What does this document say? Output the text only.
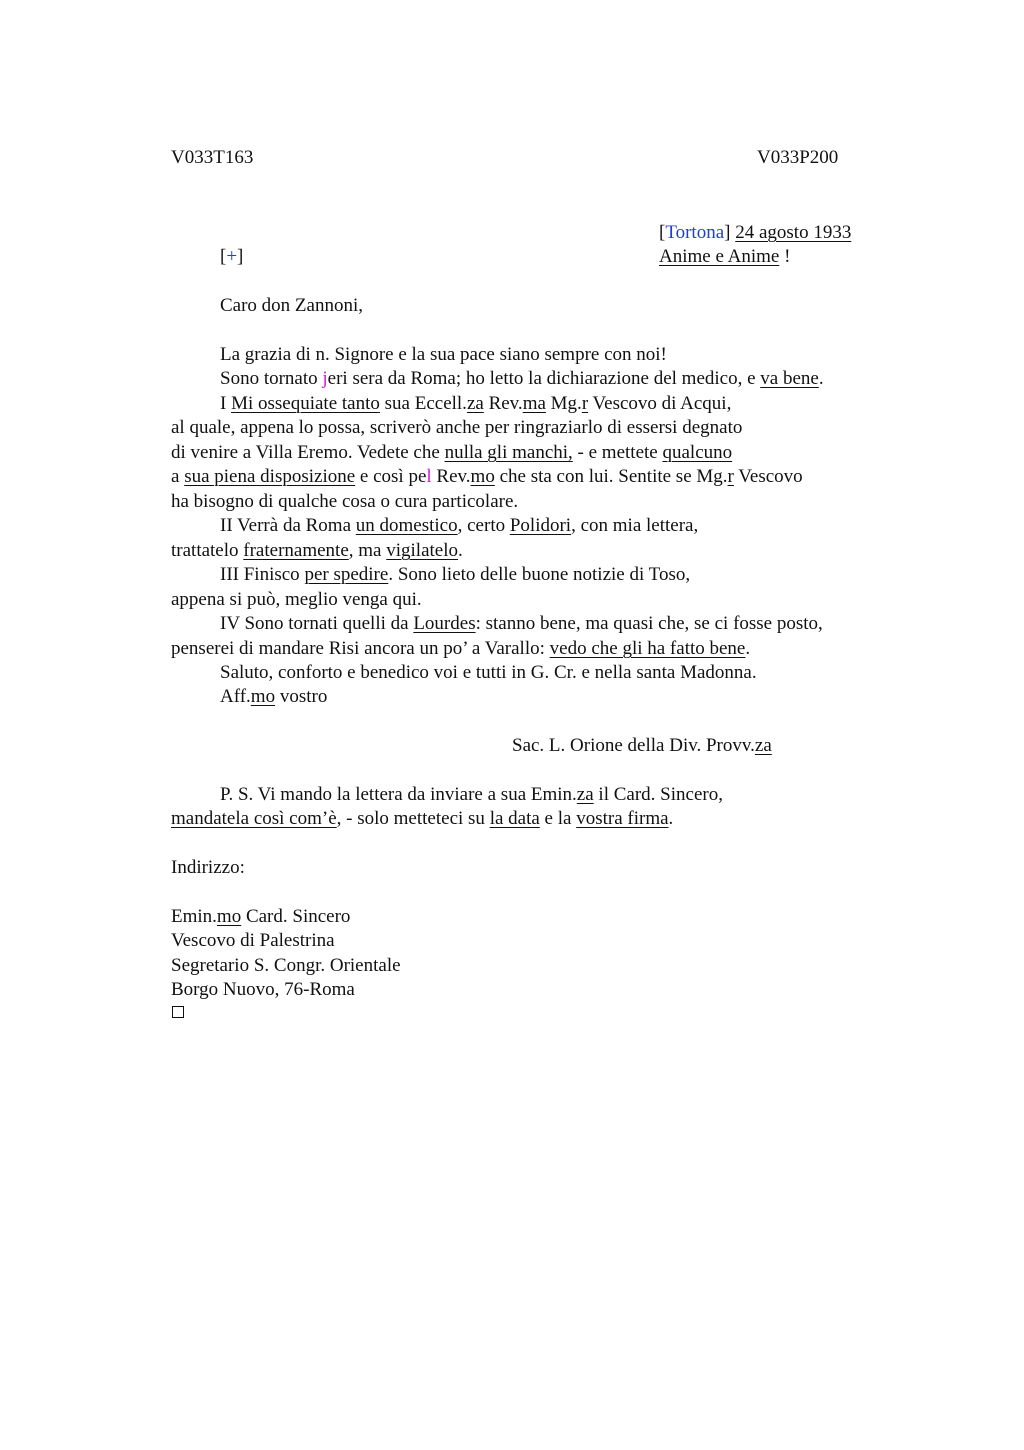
V033T163	V033P200
[Tortona] 24 agosto 1933
Anime e Anime !
[+]
Caro don Zannoni,
La grazia di n. Signore e la sua pace siano sempre con noi!
Sono tornato jeri sera da Roma; ho letto la dichiarazione del medico, e va bene.
I Mi ossequiate tanto sua Eccell.za Rev.ma Mg.r Vescovo di Acqui,
al quale, appena lo possa, scriverò anche per ringraziarlo di essersi degnato
di venire a Villa Eremo. Vedete che nulla gli manchi, - e mettete qualcuno
a sua piena disposizione e così pel Rev.mo che sta con lui. Sentite se Mg.r Vescovo
ha bisogno di qualche cosa o cura particolare.
II Verrà da Roma un domestico, certo Polidori, con mia lettera,
trattatelo fraternamente, ma vigilatelo.
III Finisco per spedire. Sono lieto delle buone notizie di Toso,
appena si può, meglio venga qui.
IV Sono tornati quelli da Lourdes: stanno bene, ma quasi che, se ci fosse posto,
penserei di mandare Risi ancora un po’ a Varallo: vedo che gli ha fatto bene.
Saluto, conforto e benedico voi e tutti in G. Cr. e nella santa Madonna.
Aff.mo vostro
Sac. L. Orione della Div. Provv.za
P. S. Vi mando la lettera da inviare a sua Emin.za il Card. Sincero,
mandatela così com’è, - solo metteteci su la data e la vostra firma.
Indirizzo:
Emin.mo Card. Sincero
Vescovo di Palestrina
Segretario S. Congr. Orientale
Borgo Nuovo, 76-Roma
